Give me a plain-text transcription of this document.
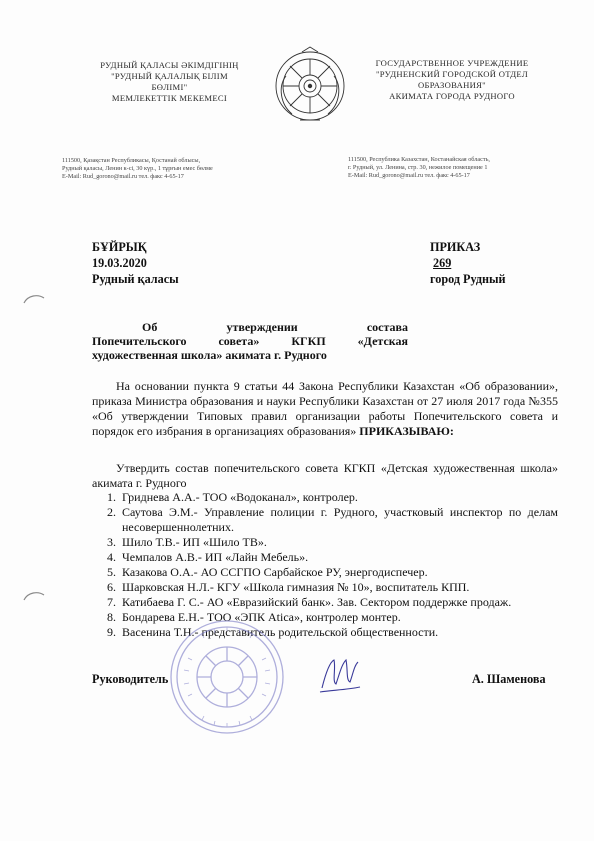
РУДНЫЙ ҚАЛАСЫ ӘКІМДІГІНІҢ
"РУДНЫЙ ҚАЛАЛЫҚ БІЛІМ
БӨЛІМІ"
МЕМЛЕКЕТТІК МЕКЕМЕСІ
ГОСУДАРСТВЕННОЕ УЧРЕЖДЕНИЕ
"РУДНЕНСКИЙ ГОРОДСКОЙ ОТДЕЛ
ОБРАЗОВАНИЯ"
АКИМАТА ГОРОДА РУДНОГО
111500, Қазақстан Республикасы, Қостанай облысы,
Рудный қаласы, Ленин к-сі, 30 күр., 1 тұрғын емес бөлме
E-Mail: Rud_gorono@mail.ru тел. факс 4-65-17
111500, Республика Казахстан, Костанайская область,
г. Рудный, ул. Ленина, стр. 30, нежилое помещение 1
E-Mail: Rud_gorono@mail.ru тел. факс 4-65-17
БҰЙРЫҚ	ПРИКАЗ
19.03.2020	269
Рудный қаласы	город Рудный
Об	утверждении	состава
Попечительского совета» КГКП «Детская
художественная школа» акимата г. Рудного

На основании пункта 9 статьи 44 Закона Республики Казахстан «Об образовании», приказа Министра образования и науки Республики Казахстан от 27 июля 2017 года №355 «Об утверждении Типовых правил организации работы Попечительского совета и порядок его избрания в организациях образования» ПРИКАЗЫВАЮ:

Утвердить состав попечительского совета КГКП «Детская художественная школа» акимата г. Рудного

1. Гриднева А.А.- ТОО «Водоканал», контролер.
2. Саутова Э.М.- Управление полиции г. Рудного, участковый инспектор по делам несовершеннолетних.
3. Шило Т.В.- ИП «Шило ТВ».
4. Чемпалов А.В.- ИП «Лайн Мебель».
5. Казакова О.А.- АО ССГПО Сарбайское РУ, энергодиспечер.
6. Шарковская Н.Л.- КГУ «Школа гимназия № 10», воспитатель КПП.
7. Катибаева Г. С.- АО «Евразийский банк». Зав. Сектором поддержке продаж.
8. Бондарева Е.Н.- ТОО «ЭПК Atica», контролер монтер.
9. Васенина Т.Н.- представитель родительской общественности.
Руководитель	А. Шаменова
